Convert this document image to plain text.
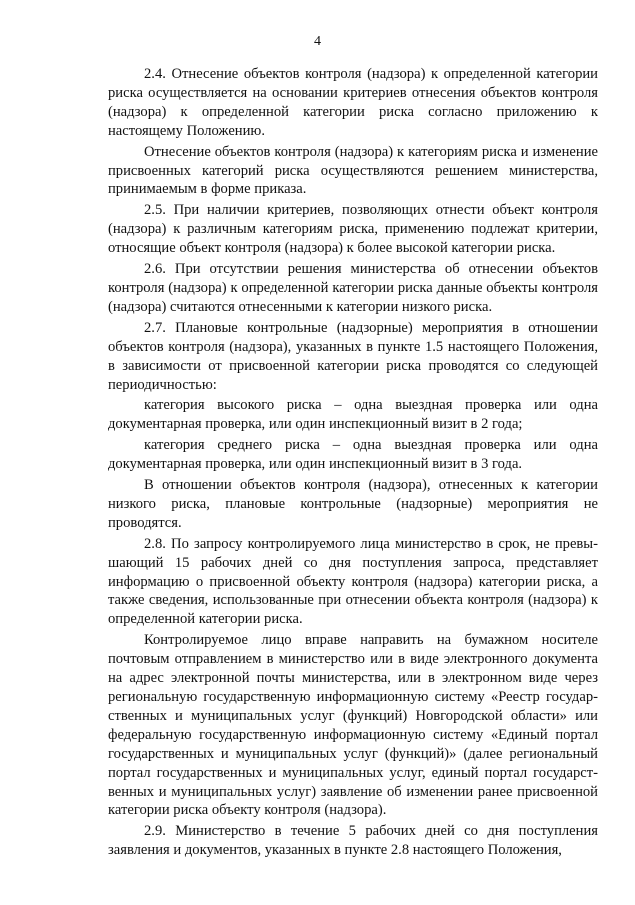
4

2.4. Отнесение объектов контроля (надзора) к определенной категории риска осуществляется на основании критериев отнесения объектов контроля (надзора) к определенной категории риска согласно приложению к настоящему Положению.

Отнесение объектов контроля (надзора) к категориям риска и изменение присвоенных категорий риска осуществляются решением министерства, принимаемым в форме приказа.

2.5. При наличии критериев, позволяющих отнести объект контроля (надзора) к различным категориям риска, применению подлежат критерии, относящие объект контроля (надзора) к более высокой категории риска.

2.6. При отсутствии решения министерства об отнесении объектов контроля (надзора) к определенной категории риска данные объекты контроля (надзора) считаются отнесенными к категории низкого риска.

2.7. Плановые контрольные (надзорные) мероприятия в отношении объектов контроля (надзора), указанных в пункте 1.5 настоящего Положения, в зависимости от присвоенной категории риска проводятся со следующей периодичностью:

категория высокого риска – одна выездная проверка или одна документарная проверка, или один инспекционный визит в 2 года;

категория среднего риска – одна выездная проверка или одна документарная проверка, или один инспекционный визит в 3 года.

В отношении объектов контроля (надзора), отнесенных к категории низкого риска, плановые контрольные (надзорные) мероприятия не проводятся.

2.8. По запросу контролируемого лица министерство в срок, не превышающий 15 рабочих дней со дня поступления запроса, представляет информацию о присвоенной объекту контроля (надзора) категории риска, а также сведения, использованные при отнесении объекта контроля (надзора) к определенной категории риска.

Контролируемое лицо вправе направить на бумажном носителе почтовым отправлением в министерство или в виде электронного документа на адрес электронной почты министерства, или в электронном виде через региональную государственную информационную систему «Реестр государственных и муниципальных услуг (функций) Новгородской области» или федеральную государственную информационную систему «Единый портал государственных и муниципальных услуг (функций)» (далее региональный портал государственных и муниципальных услуг, единый портал государственных и муниципальных услуг) заявление об изменении ранее присвоенной категории риска объекту контроля (надзора).

2.9. Министерство в течение 5 рабочих дней со дня поступления заявления и документов, указанных в пункте 2.8 настоящего Положения,
